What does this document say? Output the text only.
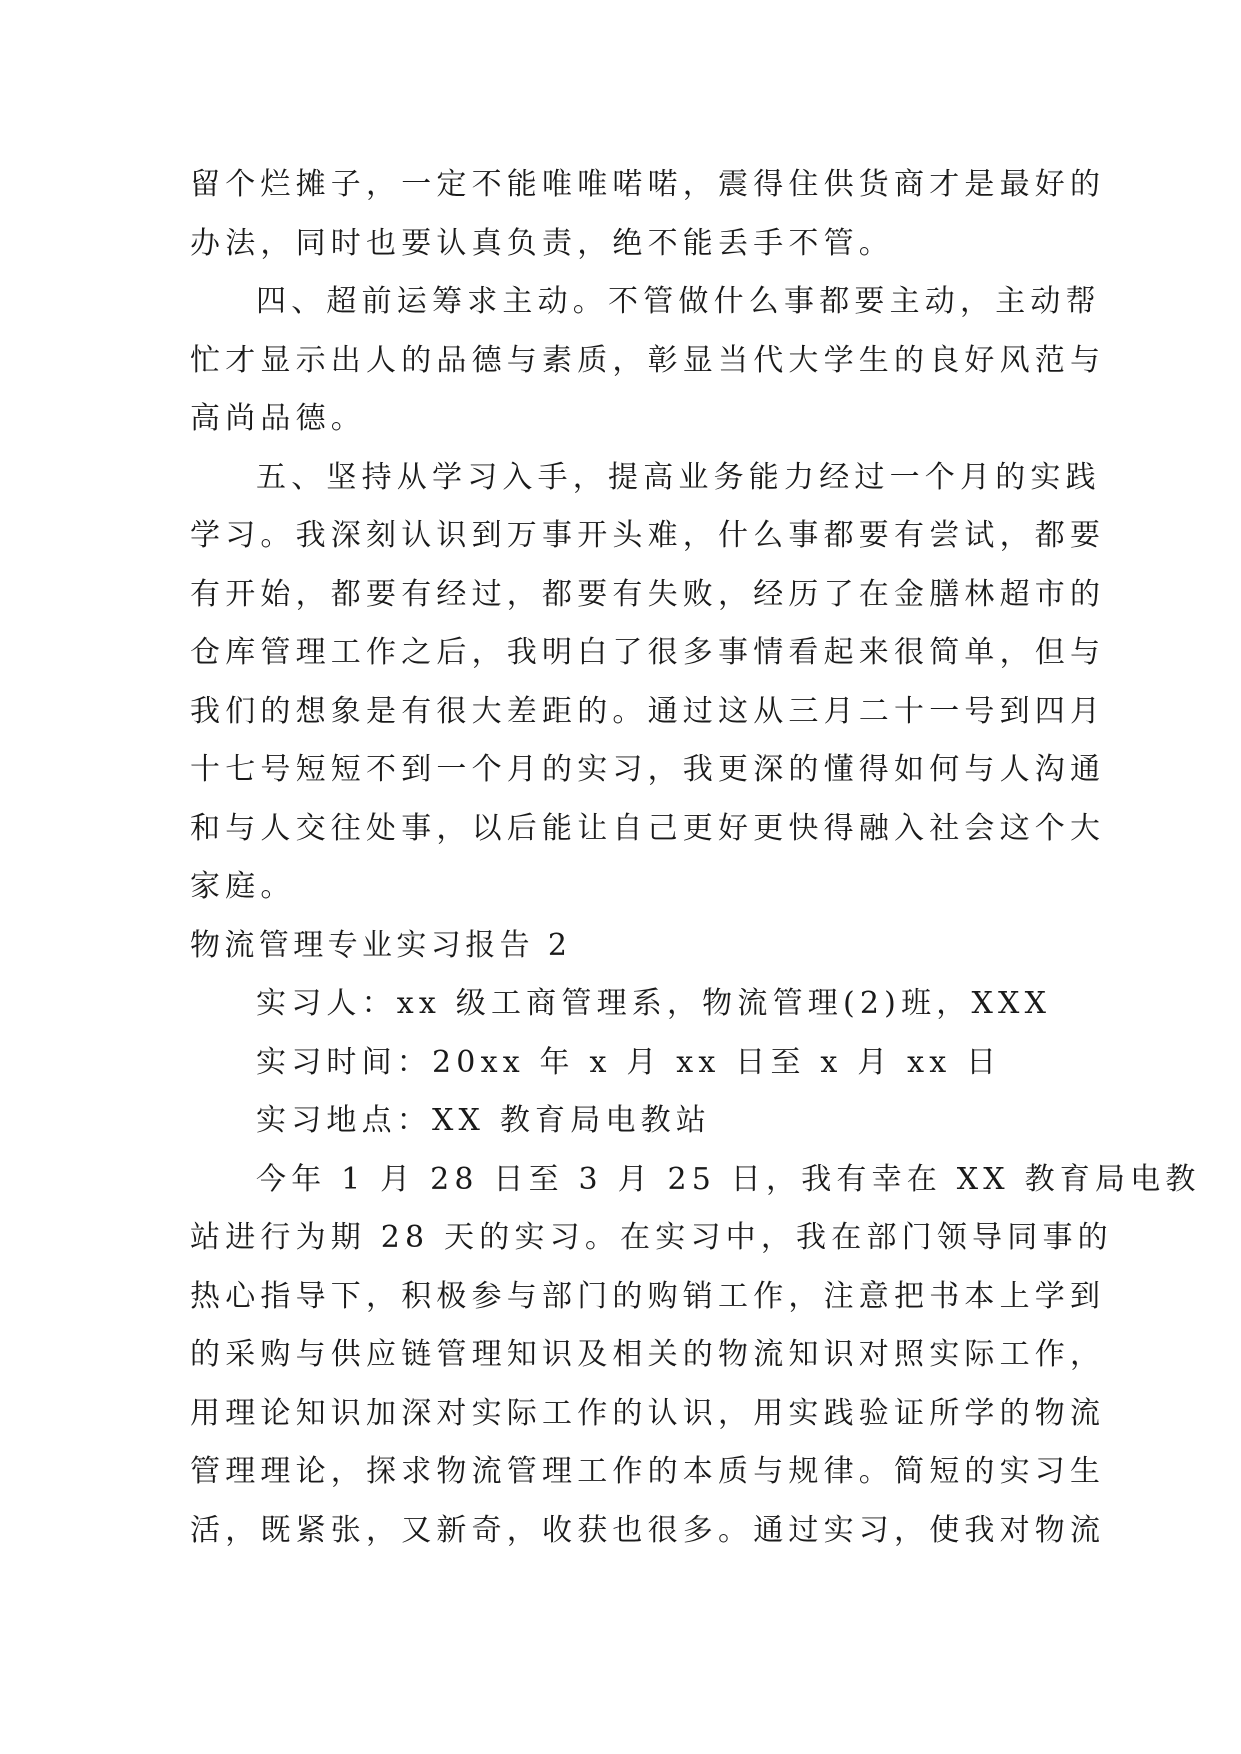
留个烂摊子，一定不能唯唯喏喏，震得住供货商才是最好的
办法，同时也要认真负责，绝不能丢手不管。
四、超前运筹求主动。不管做什么事都要主动，主动帮
忙才显示出人的品德与素质，彰显当代大学生的良好风范与
高尚品德。
五、坚持从学习入手，提高业务能力经过一个月的实践
学习。我深刻认识到万事开头难，什么事都要有尝试，都要
有开始，都要有经过，都要有失败，经历了在金膳林超市的
仓库管理工作之后，我明白了很多事情看起来很简单，但与
我们的想象是有很大差距的。通过这从三月二十一号到四月
十七号短短不到一个月的实习，我更深的懂得如何与人沟通
和与人交往处事，以后能让自己更好更快得融入社会这个大
家庭。
物流管理专业实习报告 2
实习人：xx 级工商管理系，物流管理(2)班，XXX
实习时间：20xx 年 x 月 xx 日至 x 月 xx 日
实习地点：XX 教育局电教站
今年 1 月 28 日至 3 月 25 日，我有幸在 XX 教育局电教
站进行为期 28 天的实习。在实习中，我在部门领导同事的
热心指导下，积极参与部门的购销工作，注意把书本上学到
的采购与供应链管理知识及相关的物流知识对照实际工作，
用理论知识加深对实际工作的认识，用实践验证所学的物流
管理理论，探求物流管理工作的本质与规律。简短的实习生
活，既紧张，又新奇，收获也很多。通过实习，使我对物流
